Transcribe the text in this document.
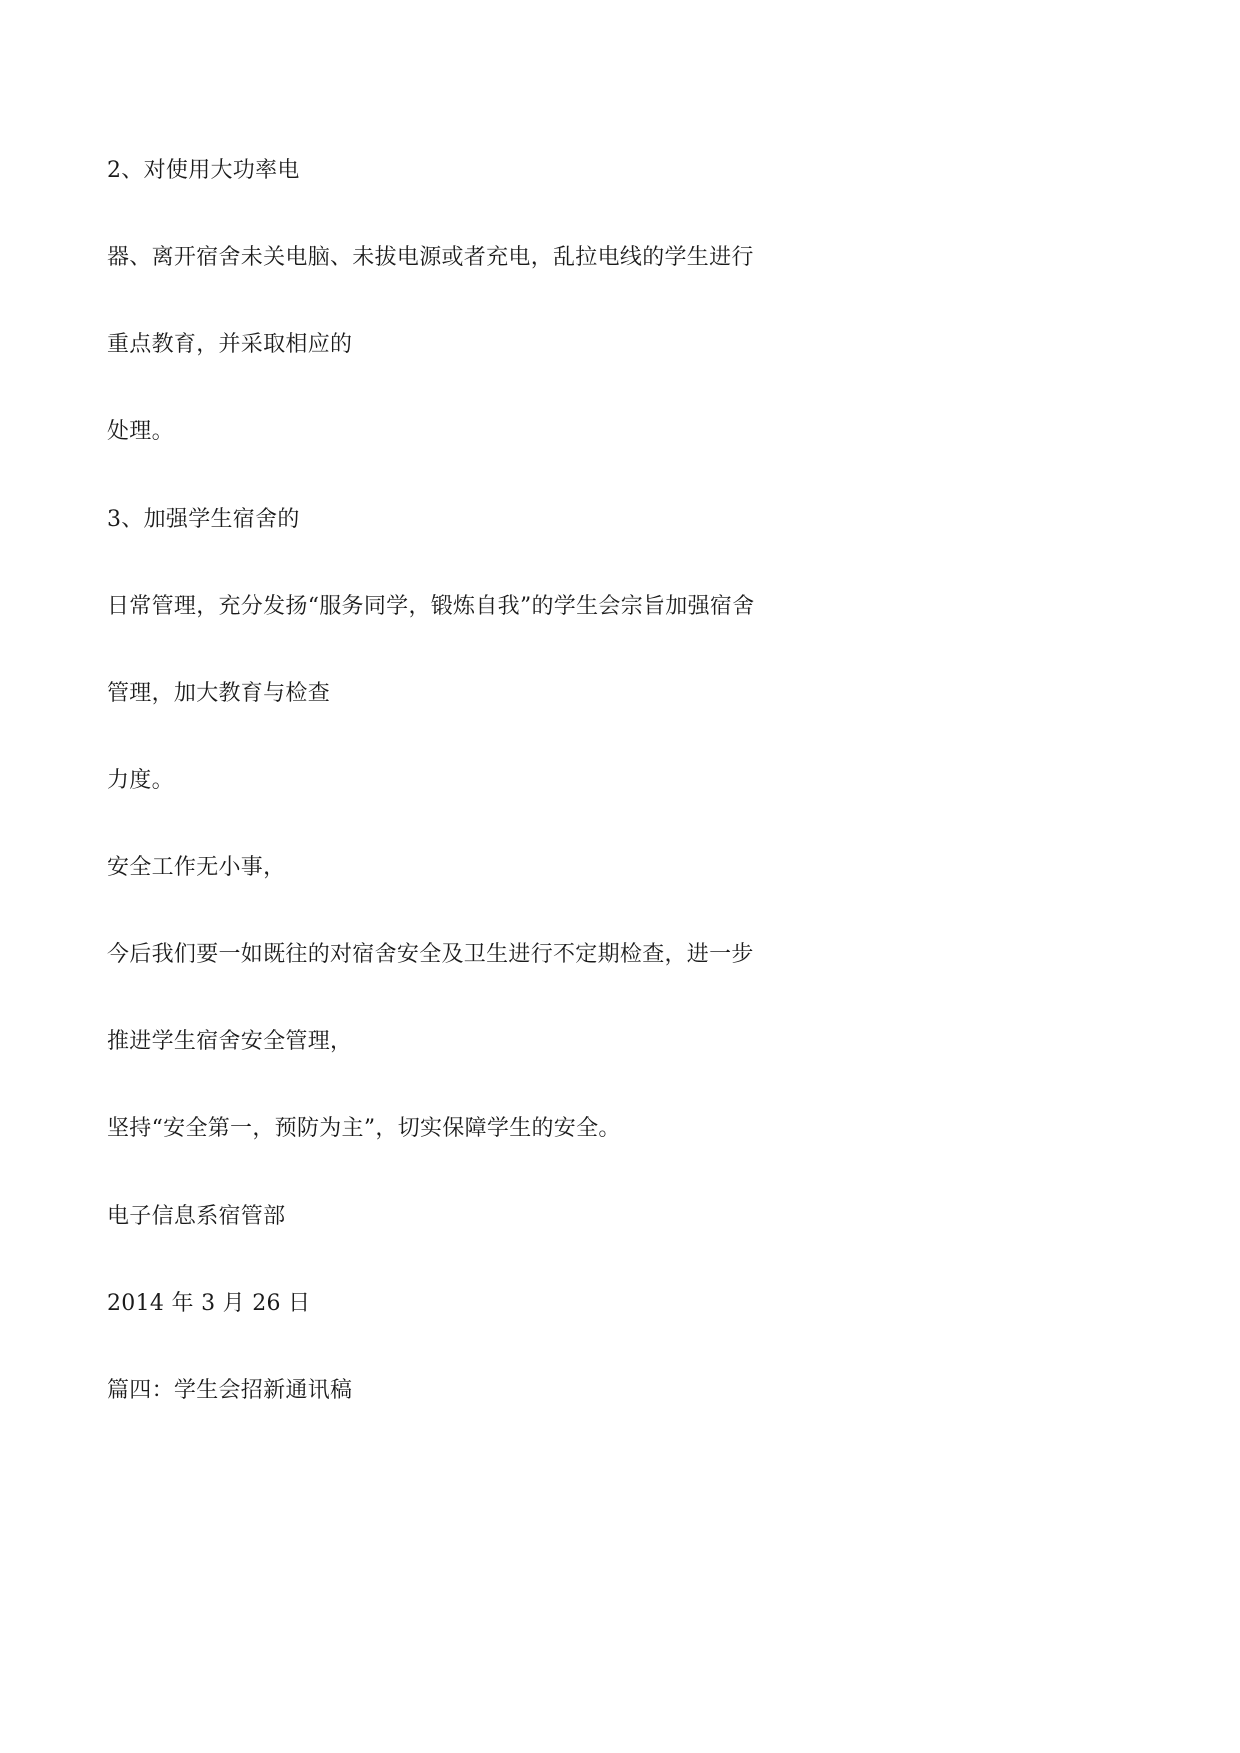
2、对使用大功率电
器、离开宿舍未关电脑、未拔电源或者充电，乱拉电线的学生进行
重点教育，并采取相应的
处理。
3、加强学生宿舍的
日常管理，充分发扬“服务同学，锻炼自我”的学生会宗旨加强宿舍
管理，加大教育与检查
力度。
安全工作无小事，
今后我们要一如既往的对宿舍安全及卫生进行不定期检查，进一步
推进学生宿舍安全管理，
坚持“安全第一，预防为主”，切实保障学生的安全。
电子信息系宿管部
2014 年 3 月 26 日
篇四：学生会招新通讯稿
